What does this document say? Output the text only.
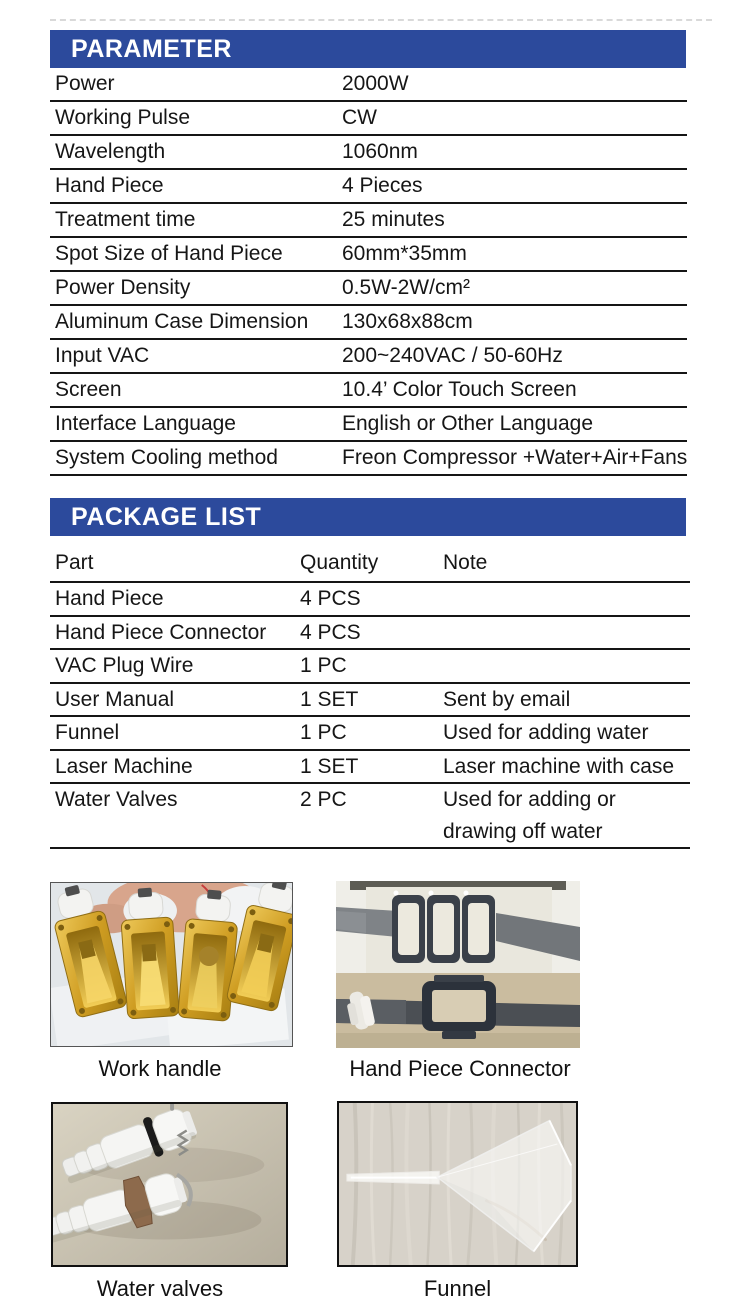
PARAMETER
Power	2000W
Working Pulse	CW
Wavelength	1060nm
Hand Piece	4 Pieces
Treatment time	25 minutes
Spot Size of Hand Piece	60mm*35mm
Power Density	0.5W-2W/cm²
Aluminum Case Dimension	130x68x88cm
Input VAC	200~240VAC / 50-60Hz
Screen	10.4’ Color Touch Screen
Interface Language	English or Other Language
System Cooling method	Freon Compressor +Water+Air+Fans
PACKAGE LIST
Part	Quantity	Note
Hand Piece	4 PCS
Hand Piece Connector	4 PCS
VAC Plug Wire	1 PC
User Manual	1 SET	Sent by email
Funnel	1 PC	Used for adding water
Laser Machine	1 SET	Laser machine with case
Water Valves	2 PC	Used for adding or drawing off water
Work handle	Hand Piece Connector
Water valves	Funnel
